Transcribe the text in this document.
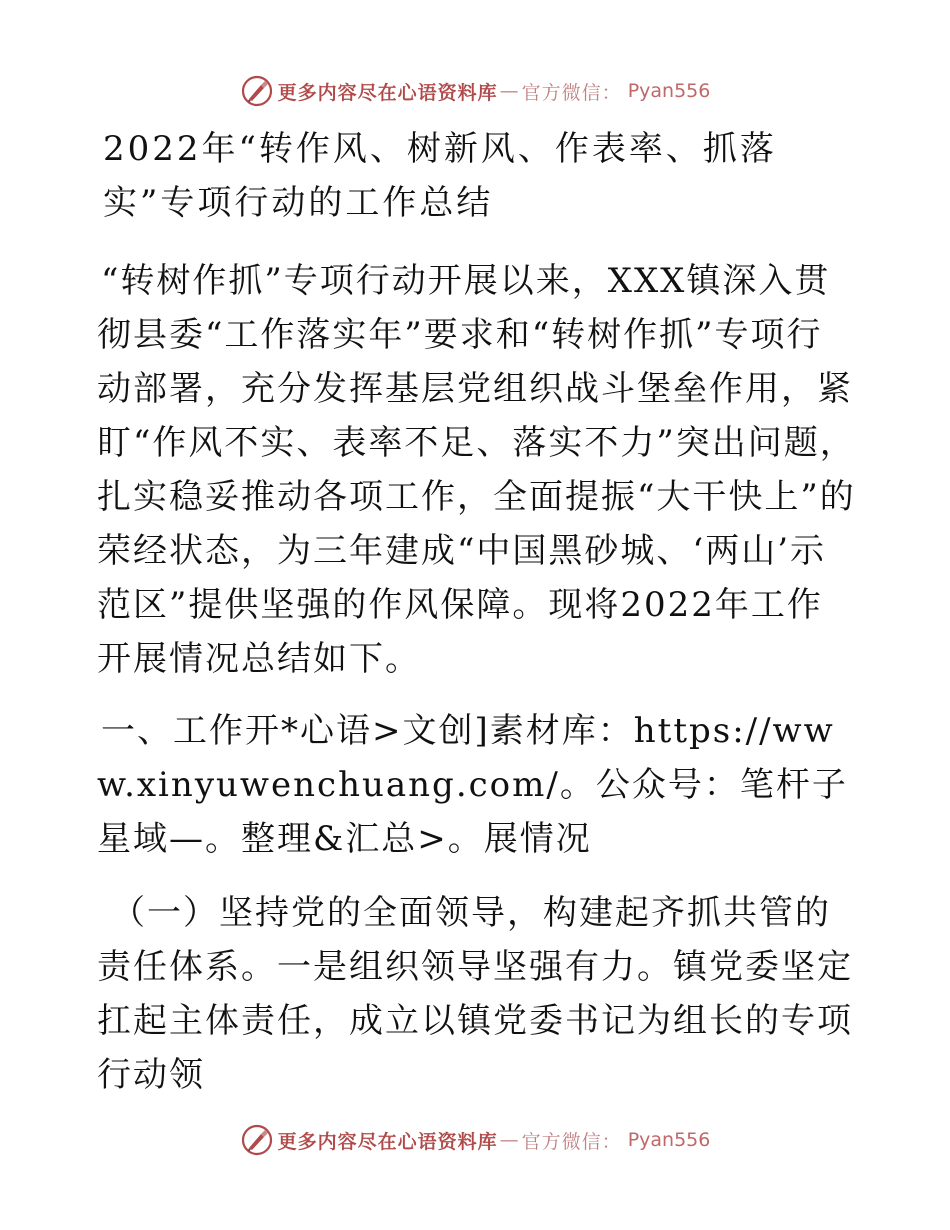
更多内容尽在心语资料库 — 官方微信： Pyan556
2022年“转作风、树新风、作表率、抓落实”专项行动的工作总结

“转树作抓”专项行动开展以来，XXX镇深入贯彻县委“工作落实年”要求和“转树作抓”专项行动部署，充分发挥基层党组织战斗堡垒作用，紧盯“作风不实、表率不足、落实不力”突出问题，扎实稳妥推动各项工作，全面提振“大干快上”的荣经状态，为三年建成“中国黑砂城、‘两山’示范区”提供坚强的作风保障。现将2022年工作开展情况总结如下。

一、工作开*心语>文创]素材库：https://www.xinyuwenchuang.com/。公众号：笔杆子星域—。整理&汇总>。展情况

（一）坚持党的全面领导，构建起齐抓共管的责任体系。一是组织领导坚强有力。镇党委坚定扛起主体责任，成立以镇党委书记为组长的专项行动领

更多内容尽在心语资料库 — 官方微信： Pyan556
